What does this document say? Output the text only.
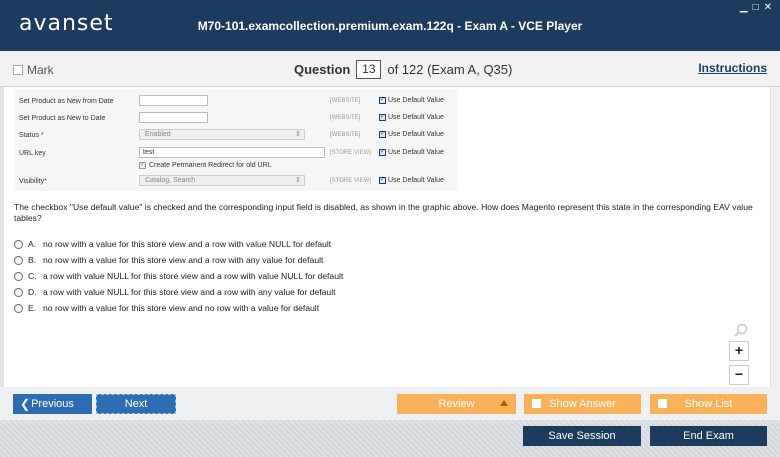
avanset	M70-101.examcollection.premium.exam.122q - Exam A - VCE Player
▁ □ ✕
Mark	Question 13 of 122 (Exam A, Q35)	Instructions
Set Product as New from Date	[WEBSITE]	✓ Use Default Value
Set Product as New to Date	[WEBSITE]	✓ Use Default Value
Status *	Enabled	⇕	[WEBSITE]	✓ Use Default Value
URL key	test	[STORE VIEW] ✓ Use Default Value
✓ Create Permanent Redirect for old URL
Visibility*	Catalog, Search	⇕	[STORE VIEW] ✓ Use Default Value
The checkbox "Use default value" is checked and the corresponding input field is disabled, as shown in the graphic above. How does Magento represent this state in the corresponding EAV value tables?
A. no row with a value for this store view and a row with value NULL for default
B. no row with a value for this store view and a row with any value for default
C. a row with value NULL for this store view and a row with value NULL for default
D. a row with value NULL for this store view and a row with any value for default
E. no row with a value for this store view and no row with a value for default
+
−
❮ Previous	Next	Review	Show Answer	Show List
Save Session	End Exam
